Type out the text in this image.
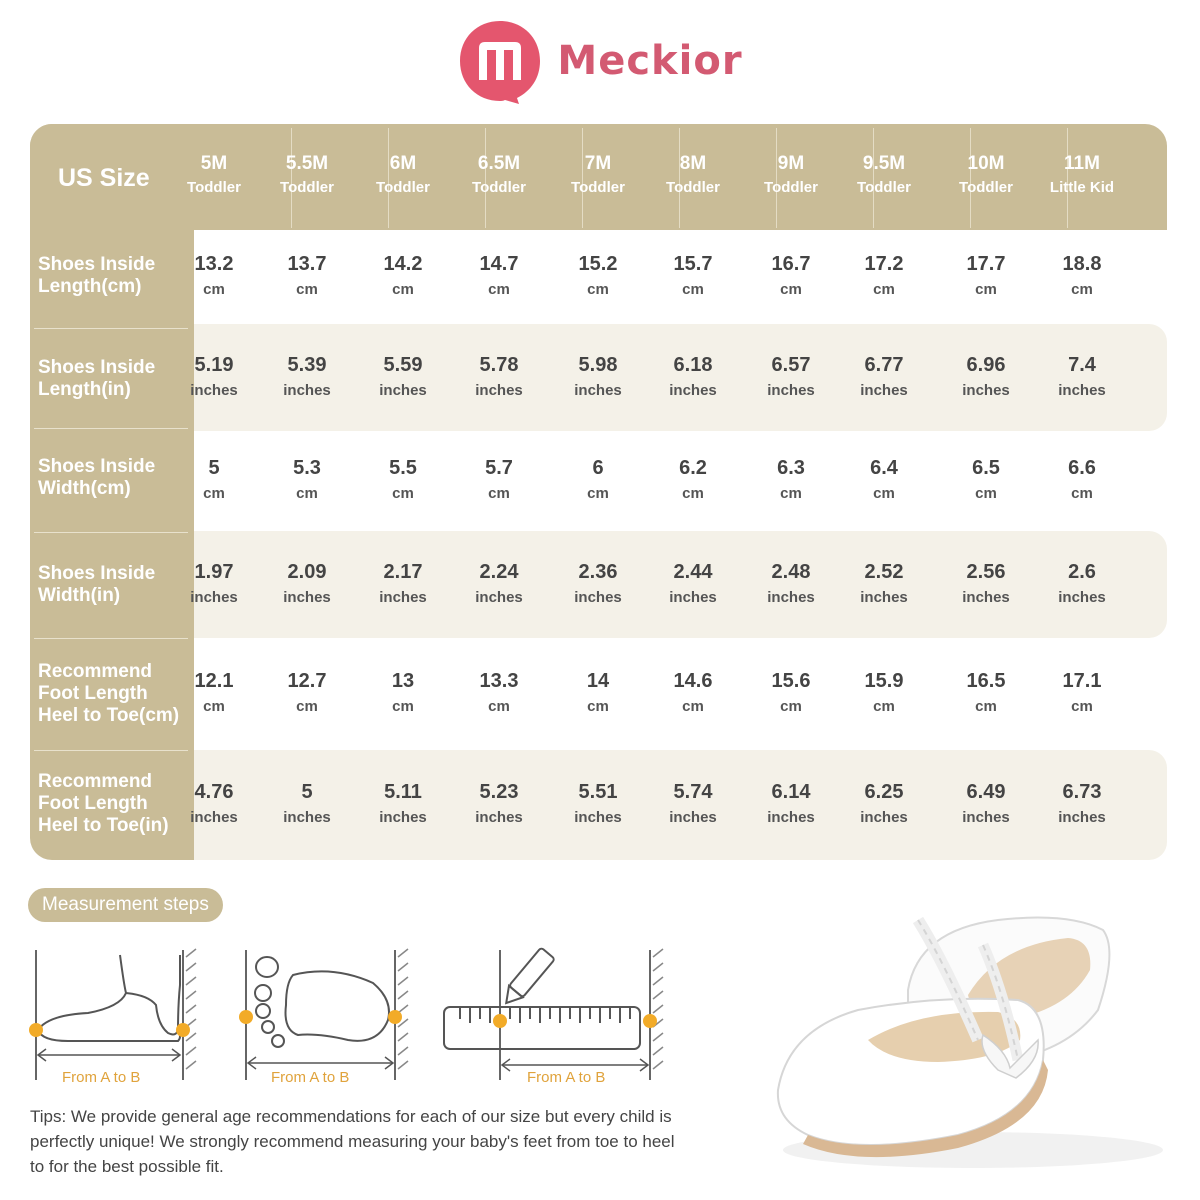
Meckior
US Size
5M
Toddler
5.5M
Toddler
6M
Toddler
6.5M
Toddler
7M
Toddler
8M
Toddler
9M
Toddler
9.5M
Toddler
10M
Toddler
11M
Little Kid
Shoes Inside Length(cm)
13.2
cm
13.7
cm
14.2
cm
14.7
cm
15.2
cm
15.7
cm
16.7
cm
17.2
cm
17.7
cm
18.8
cm
Shoes Inside Length(in)
5.19
inches
5.39
inches
5.59
inches
5.78
inches
5.98
inches
6.18
inches
6.57
inches
6.77
inches
6.96
inches
7.4
inches
Shoes Inside Width(cm)
5
cm
5.3
cm
5.5
cm
5.7
cm
6
cm
6.2
cm
6.3
cm
6.4
cm
6.5
cm
6.6
cm
Shoes Inside Width(in)
1.97
inches
2.09
inches
2.17
inches
2.24
inches
2.36
inches
2.44
inches
2.48
inches
2.52
inches
2.56
inches
2.6
inches
Recommend Foot Length Heel to Toe(cm)
12.1
cm
12.7
cm
13
cm
13.3
cm
14
cm
14.6
cm
15.6
cm
15.9
cm
16.5
cm
17.1
cm
Recommend Foot Length Heel to Toe(in)
4.76
inches
5
inches
5.11
inches
5.23
inches
5.51
inches
5.74
inches
6.14
inches
6.25
inches
6.49
inches
6.73
inches
Measurement steps
From A to B	From A to B	From A to B
Tips: We provide general age recommendations for each of our size but every child is perfectly unique! We strongly recommend measuring your baby's feet from toe to heel to for the best possible fit.
